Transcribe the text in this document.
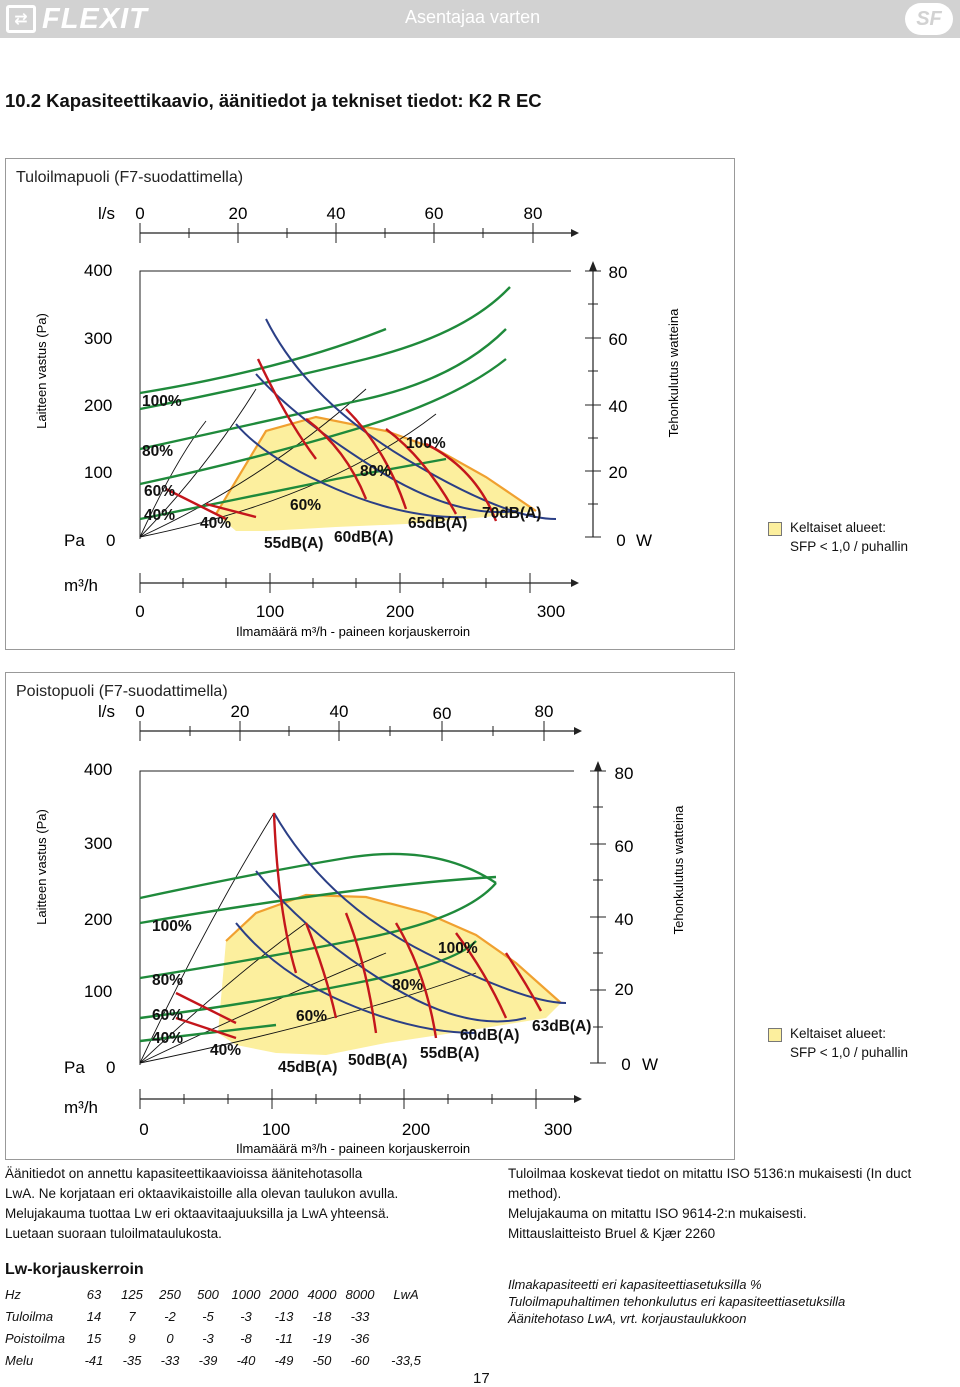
⇄ FLEXIT	Asentajaa varten	SF
10.2 Kapasiteettikaavio, äänitiedot ja tekniset tiedot: K2 R EC
Tuloilmapuoli (F7-suodattimella)
l/s 0	20	40	60	80
400
300
200
100
Pa 0
Laitteen vastus (Pa)
80
60
40
20
0 W
Tehonkulutus watteina
100%
80%
60%
40%
100%
80%
60%
40%
55dB(A) 60dB(A)
65dB(A)
70dB(A)
m³/h
0	100	200	300
Ilmamäärä m³/h - paineen korjauskerroin
Keltaiset alueet:
SFP < 1,0 / puhallin
Poistopuoli (F7-suodattimella)
l/s 0	20	40	60	80
400
300
200
100
Pa 0
Laitteen vastus (Pa)
80
60
40
20
0 W
Tehonkulutus watteina
100%
80%
60%
40%
100%
80%
60%
40%
45dB(A) 50dB(A) 55dB(A)
60dB(A)
63dB(A)
m³/h
0	100	200	300
Ilmamäärä m³/h - paineen korjauskerroin
Keltaiset alueet:
SFP < 1,0 / puhallin
Äänitiedot on annettu kapasiteettikaavioissa äänitehotasolla
LwA. Ne korjataan eri oktaavikaistoille alla olevan taulukon avulla.
Melujakauma tuottaa Lw eri oktaavitaajuuksilla ja LwA yhteensä.
Luetaan suoraan tuloilmataulukosta.
Tuloilmaa koskevat tiedot on mitattu ISO 5136:n mukaisesti (In duct
method).
Melujakauma on mitattu ISO 9614-2:n mukaisesti.
Mittauslaitteisto Bruel & Kjær 2260
Lw-korjauskerroin
Hz	63	125	250	500	1000	2000	4000	8000	LwA
Tuloilma	14	7	-2	-5	-3	-13	-18	-33	
Poistoilma	15	9	0	-3	-8	-11	-19	-36	
Melu	-41	-35	-33	-39	-40	-49	-50	-60	-33,5
Ilmakapasiteetti eri kapasiteettiasetuksilla %
Tuloilmapuhaltimen tehonkulutus eri kapasiteettiasetuksilla
Äänitehotaso LwA, vrt. korjaustaulukkoon
17
